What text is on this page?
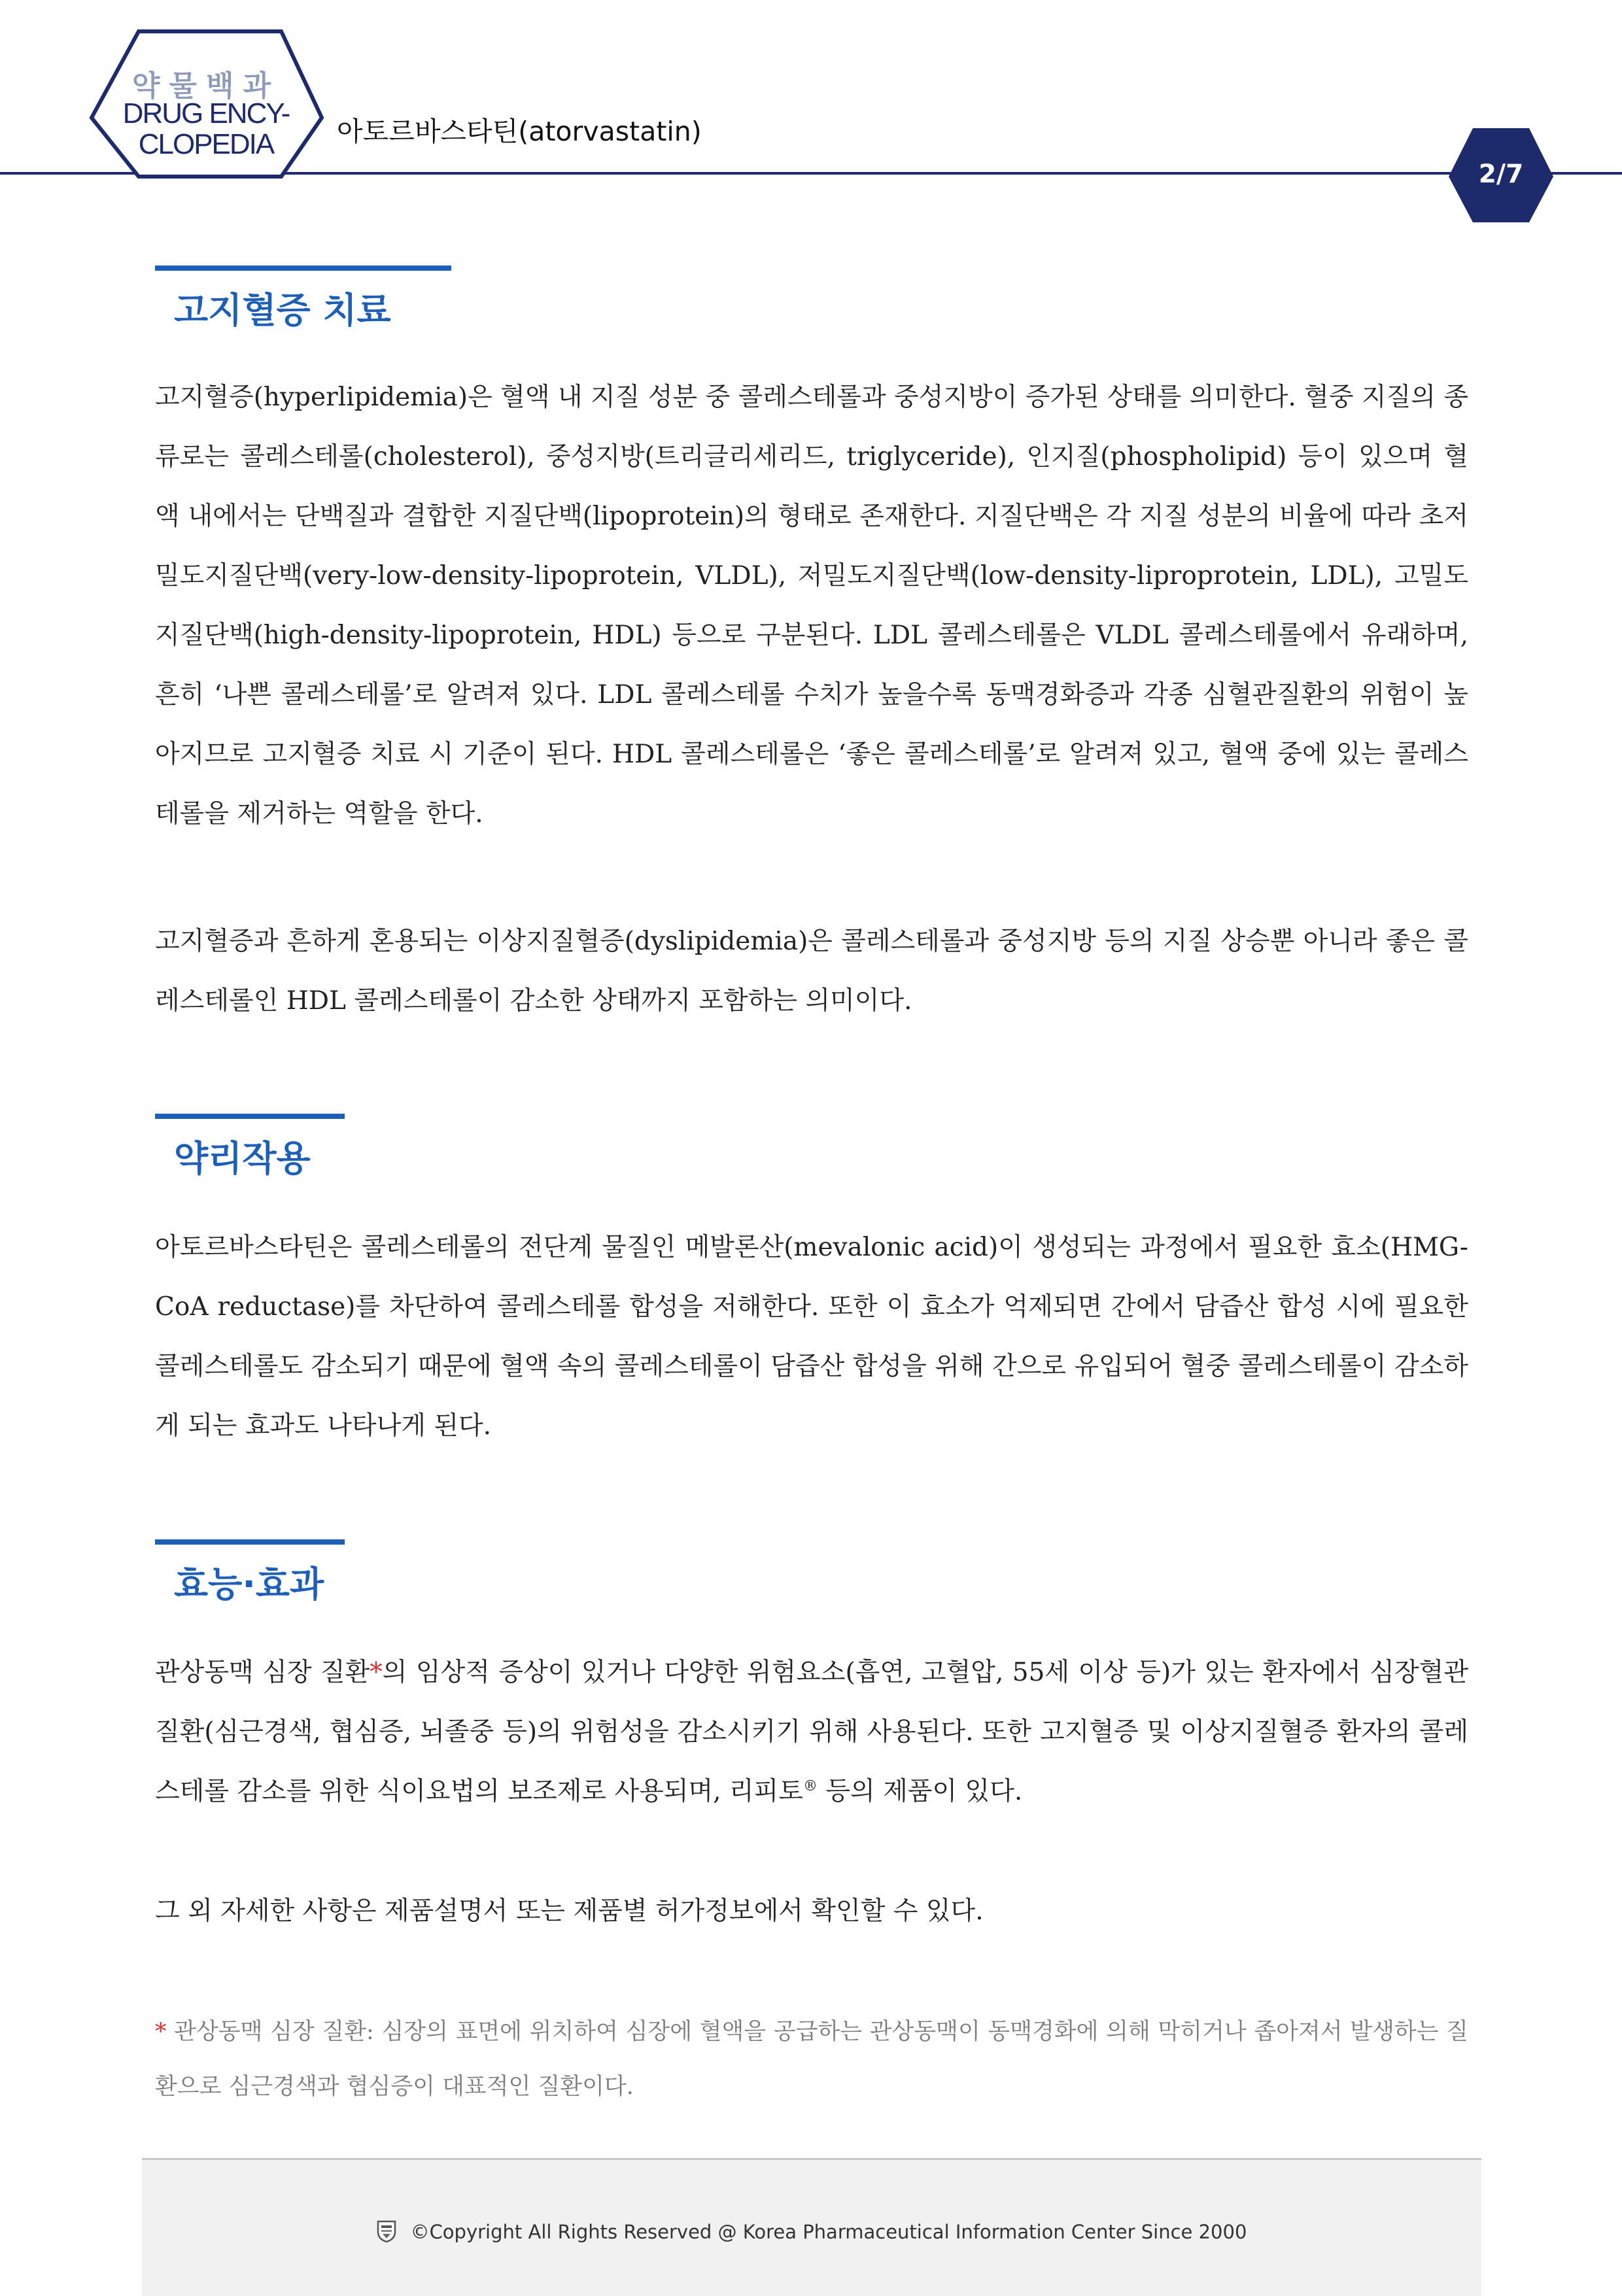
약물백과
DRUG ENCY-
CLOPEDIA	아토르바스타틴(atorvastatin)
2/7
고지혈증 치료

고지혈증(hyperlipidemia)은 혈액 내 지질 성분 중 콜레스테롤과 중성지방이 증가된 상태를 의미한다. 혈중 지질의 종류로는 콜레스테롤(cholesterol), 중성지방(트리글리세리드, triglyceride), 인지질(phospholipid) 등이 있으며 혈액 내에서는 단백질과 결합한 지질단백(lipoprotein)의 형태로 존재한다. 지질단백은 각 지질 성분의 비율에 따라 초저밀도지질단백(very-low-density-lipoprotein, VLDL), 저밀도지질단백(low-density-liproprotein, LDL), 고밀도지질단백(high-density-lipoprotein, HDL) 등으로 구분된다. LDL 콜레스테롤은 VLDL 콜레스테롤에서 유래하며, 흔히 ‘나쁜 콜레스테롤’로 알려져 있다. LDL 콜레스테롤 수치가 높을수록 동맥경화증과 각종 심혈관질환의 위험이 높아지므로 고지혈증 치료 시 기준이 된다. HDL 콜레스테롤은 ‘좋은 콜레스테롤’로 알려져 있고, 혈액 중에 있는 콜레스테롤을 제거하는 역할을 한다.

고지혈증과 흔하게 혼용되는 이상지질혈증(dyslipidemia)은 콜레스테롤과 중성지방 등의 지질 상승뿐 아니라 좋은 콜레스테롤인 HDL 콜레스테롤이 감소한 상태까지 포함하는 의미이다.

약리작용

아토르바스타틴은 콜레스테롤의 전단계 물질인 메발론산(mevalonic acid)이 생성되는 과정에서 필요한 효소(HMG-CoA reductase)를 차단하여 콜레스테롤 합성을 저해한다. 또한 이 효소가 억제되면 간에서 담즙산 합성 시에 필요한 콜레스테롤도 감소되기 때문에 혈액 속의 콜레스테롤이 담즙산 합성을 위해 간으로 유입되어 혈중 콜레스테롤이 감소하게 되는 효과도 나타나게 된다.

효능·효과

관상동맥 심장 질환*의 임상적 증상이 있거나 다양한 위험요소(흡연, 고혈압, 55세 이상 등)가 있는 환자에서 심장혈관 질환(심근경색, 협심증, 뇌졸중 등)의 위험성을 감소시키기 위해 사용된다. 또한 고지혈증 및 이상지질혈증 환자의 콜레스테롤 감소를 위한 식이요법의 보조제로 사용되며, 리피토® 등의 제품이 있다.

그 외 자세한 사항은 제품설명서 또는 제품별 허가정보에서 확인할 수 있다.

* 관상동맥 심장 질환: 심장의 표면에 위치하여 심장에 혈액을 공급하는 관상동맥이 동맥경화에 의해 막히거나 좁아져서 발생하는 질환으로 심근경색과 협심증이 대표적인 질환이다.

©Copyright All Rights Reserved @ Korea Pharmaceutical Information Center Since 2000
